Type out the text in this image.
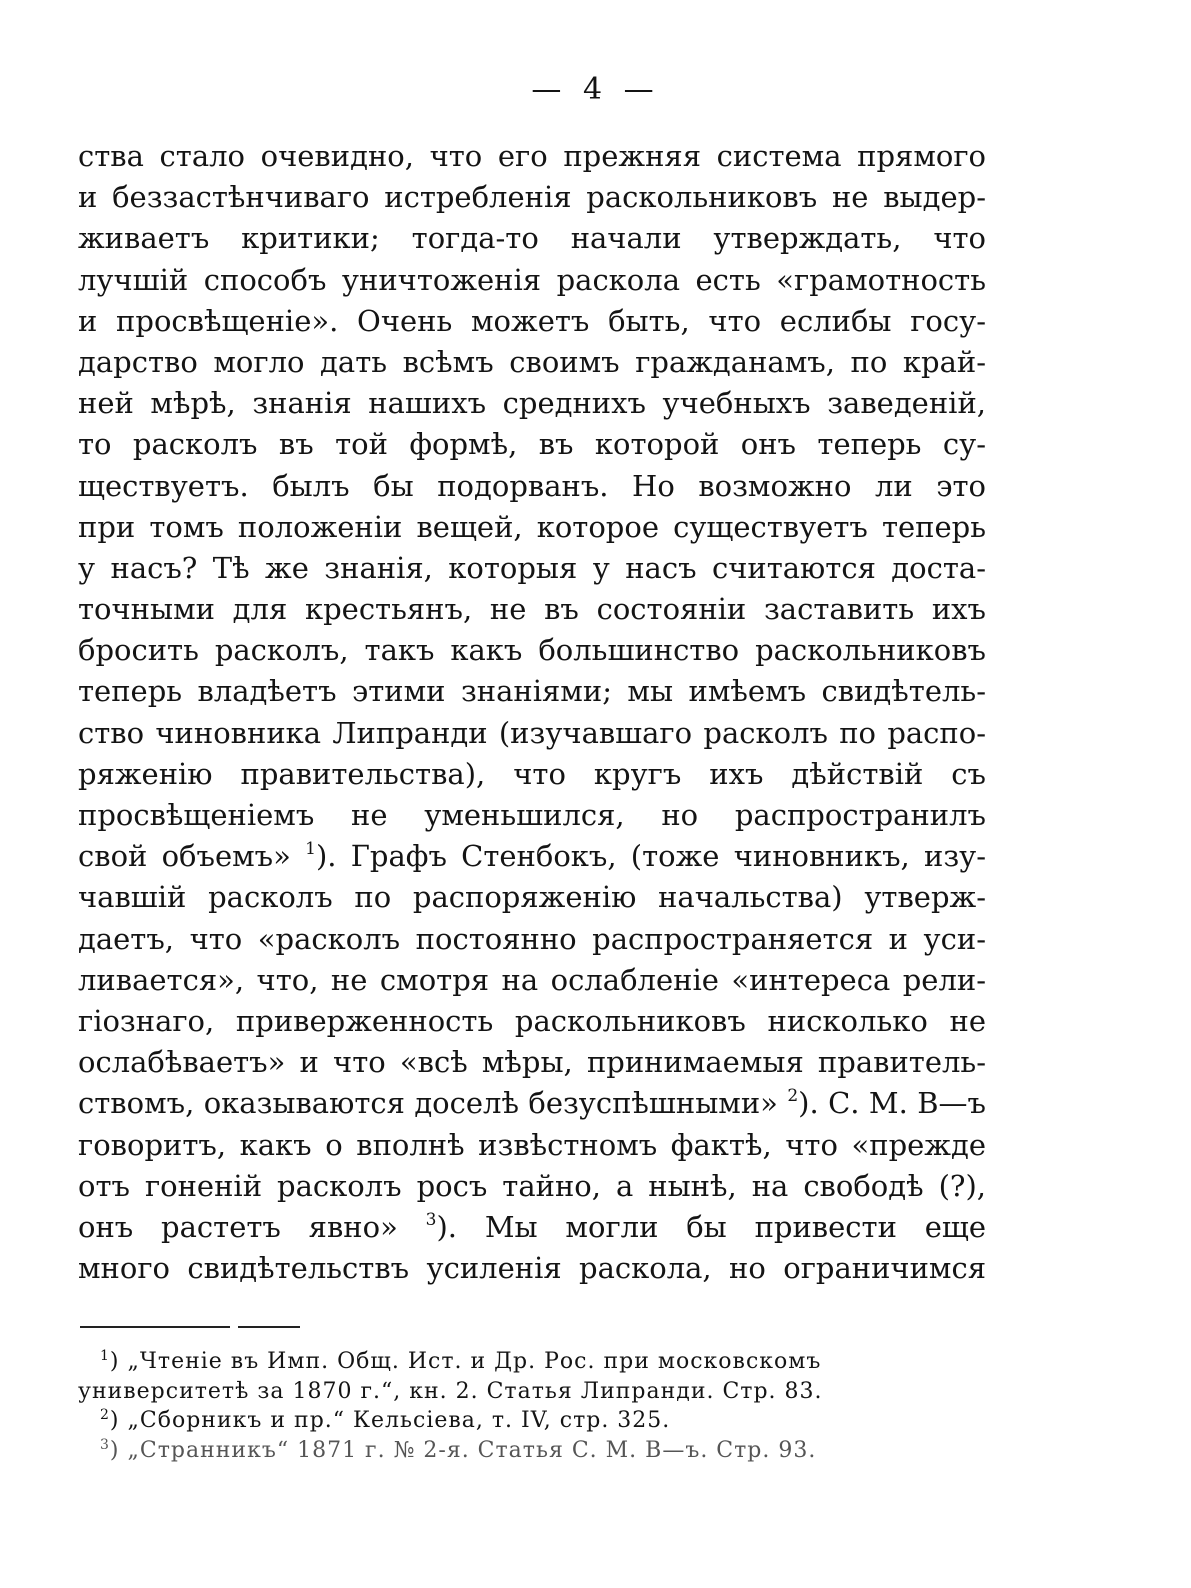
— 4 —
ства стало очевидно, что его прежняя система прямого
и беззастѣнчиваго истребленія раскольниковъ не выдер-
живаетъ критики; тогда-то начали утверждать, что
лучшій способъ уничтоженія раскола есть «грамотность
и просвѣщеніе». Очень можетъ быть, что еслибы госу-
дарство могло дать всѣмъ своимъ гражданамъ, по край-
ней мѣрѣ, знанія нашихъ среднихъ учебныхъ заведеній,
то расколъ въ той формѣ, въ которой онъ теперь су-
ществуетъ. былъ бы подорванъ. Но возможно ли это
при томъ положеніи вещей, которое существуетъ теперь
у насъ? Тѣ же знанія, которыя у насъ считаются доста-
точными для крестьянъ, не въ состояніи заставить ихъ
бросить расколъ, такъ какъ большинство раскольниковъ
теперь владѣетъ этими знаніями; мы имѣемъ свидѣтель-
ство чиновника Липранди (изучавшаго расколъ по распо-
ряженію правительства), что кругъ ихъ дѣйствій съ
просвѣщеніемъ не уменьшился, но распространилъ
свой объемъ» $^1$). Графъ Стенбокъ, (тоже чиновникъ, изу-
чавшій расколъ по распоряженію начальства) утверж-
даетъ, что «расколъ постоянно распространяется и уси-
ливается», что, не смотря на ослабленіе «интереса рели-
гіознаго, приверженность раскольниковъ нисколько не
ослабѣваетъ» и что «всѣ мѣры, принимаемыя правитель-
ствомъ, оказываются доселѣ безуспѣшными» $^2$). С. М. В—ъ
говоритъ, какъ о вполнѣ извѣстномъ фактѣ, что «прежде
отъ гоненій расколъ росъ тайно, а нынѣ, на свободѣ (?),
онъ растетъ явно» $^3$). Мы могли бы привести еще
много свидѣтельствъ усиленія раскола, но ограничимся
$^1$) „Чтеніе въ Имп. Общ. Ист. и Др. Рос. при московскомъ
университетѣ за 1870 г.“, кн. 2. Статья Липранди. Стр. 83.
$^2$) „Сборникъ и пр.“ Кельсіева, т. IV, стр. 325.
$^3$) „Странникъ“ 1871 г. № 2-я. Статья С. М. В—ъ. Стр. 93.
